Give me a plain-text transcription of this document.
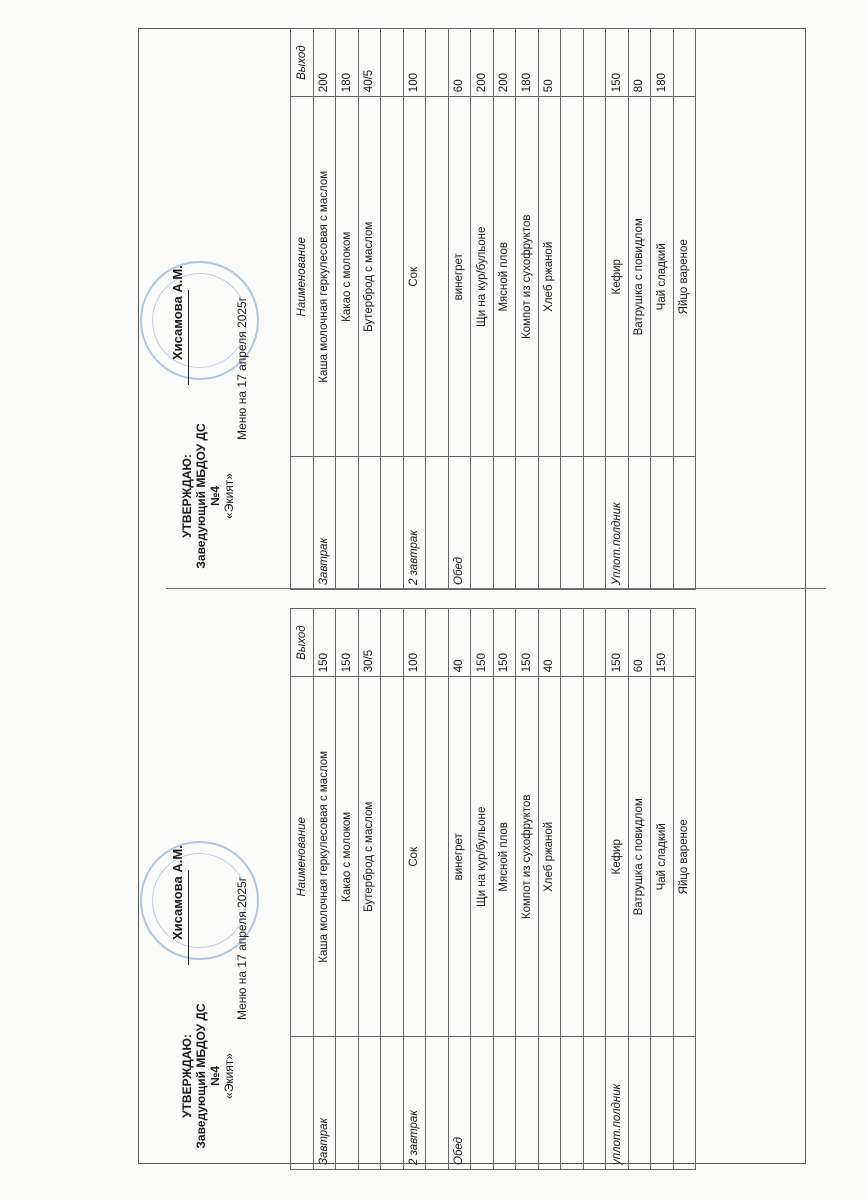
УТВЕРЖДАЮ: Заведующий МБДОУ ДС №4 «Экият»
Хисамова А.М.	Меню на 17 апреля 2025г
	Наименование	Выход
Завтрак	Каша молочная геркулесовая с маслом	150
	Какао с молоком	150
	Бутерброд с маслом	30/5

2 завтрак	Сок	100

Обед	винегрет	40
	Щи на кур/бульоне	150
	Мясной плов	150
	Компот из сухофруктов	150
	Хлеб ржаной	40

уплот.полдник	Кефир	150
	Ватрушка с повидлом	60
	Чай сладкий	150
	Яйцо вареное	
УТВЕРЖДАЮ: Заведующий МБДОУ ДС №4 «Экият»
Хисамова А.М.	Меню на 17 апреля 2025г
	Наименование	Выход
Завтрак	Каша молочная геркулесовая с маслом	200
	Какао с молоком	180
	Бутерброд с маслом	40/5

2 завтрак	Сок	100

Обед	винегрет	60
	Щи на кур/бульоне	200
	Мясной плов	200
	Компот из сухофруктов	180
	Хлеб ржаной	50

Уплот.полдник	Кефир	150
	Ватрушка с повидлом	80
	Чай сладкий	180
	Яйцо вареное	
